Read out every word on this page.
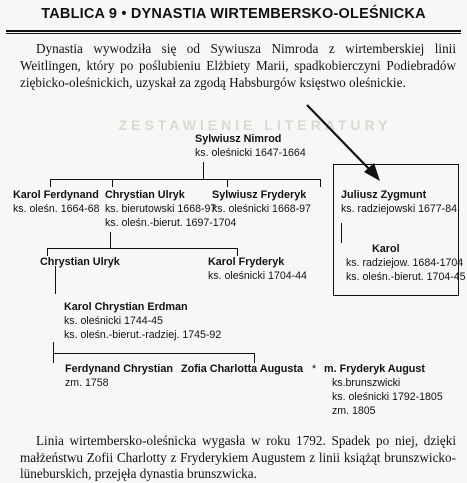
TABLICA 9 • DYNASTIA WIRTEMBERSKO-OLEŚNICKA
Dynastia wywodziła się od Sywiusza Nimroda z wirtemberskiej linii Weitlingen, który po poślubieniu Elżbiety Marii, spadkobierczyni Podiebradów ziębicko-oleśnickich, uzyskał za zgodą Habsburgów księstwo oleśnickie.
ZESTAWIENIE LITERATURY
Sylwiusz Nimrod
ks. oleśnicki 1647-1664
Karol Ferdynand
ks. oleśn. 1664-68
Chrystian Ulryk
ks. bierutowski 1668-97
ks. oleśn.-bierut. 1697-1704
Sylwiusz Fryderyk
ks. oleśnicki 1668-97
Juliusz Zygmunt
ks. radziejowski 1677-84
Karol
ks. radziejow. 1684-1704
ks. oleśn.-bierut. 1704-45
Chrystian Ulryk	Karol Fryderyk
ks. oleśnicki 1704-44
Karol Chrystian Erdman
ks. oleśnicki 1744-45
ks. oleśn.-bierut.-radziej. 1745-92
Ferdynand Chrystian
zm. 1758
Zofia Charlotta Augusta * m. Fryderyk August
ks.brunszwicki
ks. oleśnicki 1792-1805
zm. 1805
Linia wirtembersko-oleśnicka wygasła w roku 1792. Spadek po niej, dzięki małżeństwu Zofii Charlotty z Fryderykiem Augustem z linii książąt brunszwicko-lüneburskich, przejęła dynastia brunszwicka.
